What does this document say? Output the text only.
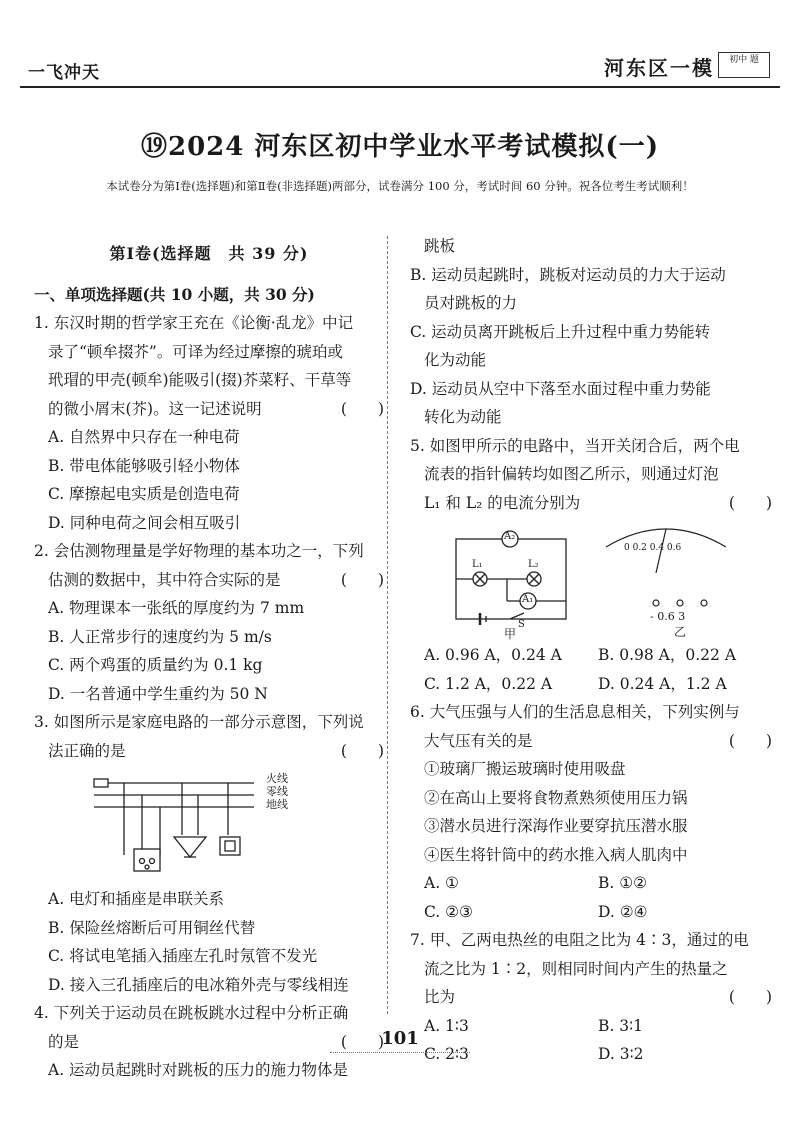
一飞冲天	河东区一模	初中 题
⑲2024 河东区初中学业水平考试模拟(一)
本试卷分为第Ⅰ卷(选择题)和第Ⅱ卷(非选择题)两部分，试卷满分 100 分，考试时间 60 分钟。祝各位考生考试顺利！
第Ⅰ卷(选择题　共 39 分)
一、单项选择题(共 10 小题，共 30 分)
1. 东汉时期的哲学家王充在《论衡·乱龙》中记
录了“顿牟掇芥”。可译为经过摩擦的琥珀或
玳瑁的甲壳(顿牟)能吸引(掇)芥菜籽、干草等
的微小屑末(芥)。这一记述说明	(　　)
A. 自然界中只存在一种电荷
B. 带电体能够吸引轻小物体
C. 摩擦起电实质是创造电荷
D. 同种电荷之间会相互吸引
2. 会估测物理量是学好物理的基本功之一，下列
估测的数据中，其中符合实际的是	(　　)
A. 物理课本一张纸的厚度约为 7 mm
B. 人正常步行的速度约为 5 m/s
C. 两个鸡蛋的质量约为 0.1 kg
D. 一名普通中学生重约为 50 N
3. 如图所示是家庭电路的一部分示意图，下列说
法正确的是	(　　)
火线
零线
地线
A. 电灯和插座是串联关系
B. 保险丝熔断后可用铜丝代替
C. 将试电笔插入插座左孔时氖管不发光
D. 接入三孔插座后的电冰箱外壳与零线相连
4. 下列关于运动员在跳板跳水过程中分析正确
的是	(　　)
A. 运动员起跳时对跳板的压力的施力物体是
跳板
B. 运动员起跳时，跳板对运动员的力大于运动
员对跳板的力
C. 运动员离开跳板后上升过程中重力势能转
化为动能
D. 运动员从空中下落至水面过程中重力势能
转化为动能
5. 如图甲所示的电路中，当开关闭合后，两个电
流表的指针偏转均如图乙所示，则通过灯泡
L₁ 和 L₂ 的电流分别为	(　　)
A₂
L₁	L₂
A₁
S
甲
0 0.2 0.4 0.6
- 0.6 3
乙
A. 0.96 A，0.24 A	B. 0.98 A，0.22 A
C. 1.2 A，0.22 A	D. 0.24 A，1.2 A
6. 大气压强与人们的生活息息相关，下列实例与
大气压有关的是	(　　)
①玻璃厂搬运玻璃时使用吸盘
②在高山上要将食物煮熟须使用压力锅
③潜水员进行深海作业要穿抗压潜水服
④医生将针筒中的药水推入病人肌肉中
A. ①	B. ①②
C. ②③	D. ②④
7. 甲、乙两电热丝的电阻之比为 4∶3，通过的电
流之比为 1∶2，则相同时间内产生的热量之
比为	(　　)
A. 1∶3	B. 3∶1
C. 2∶3	D. 3∶2
101
